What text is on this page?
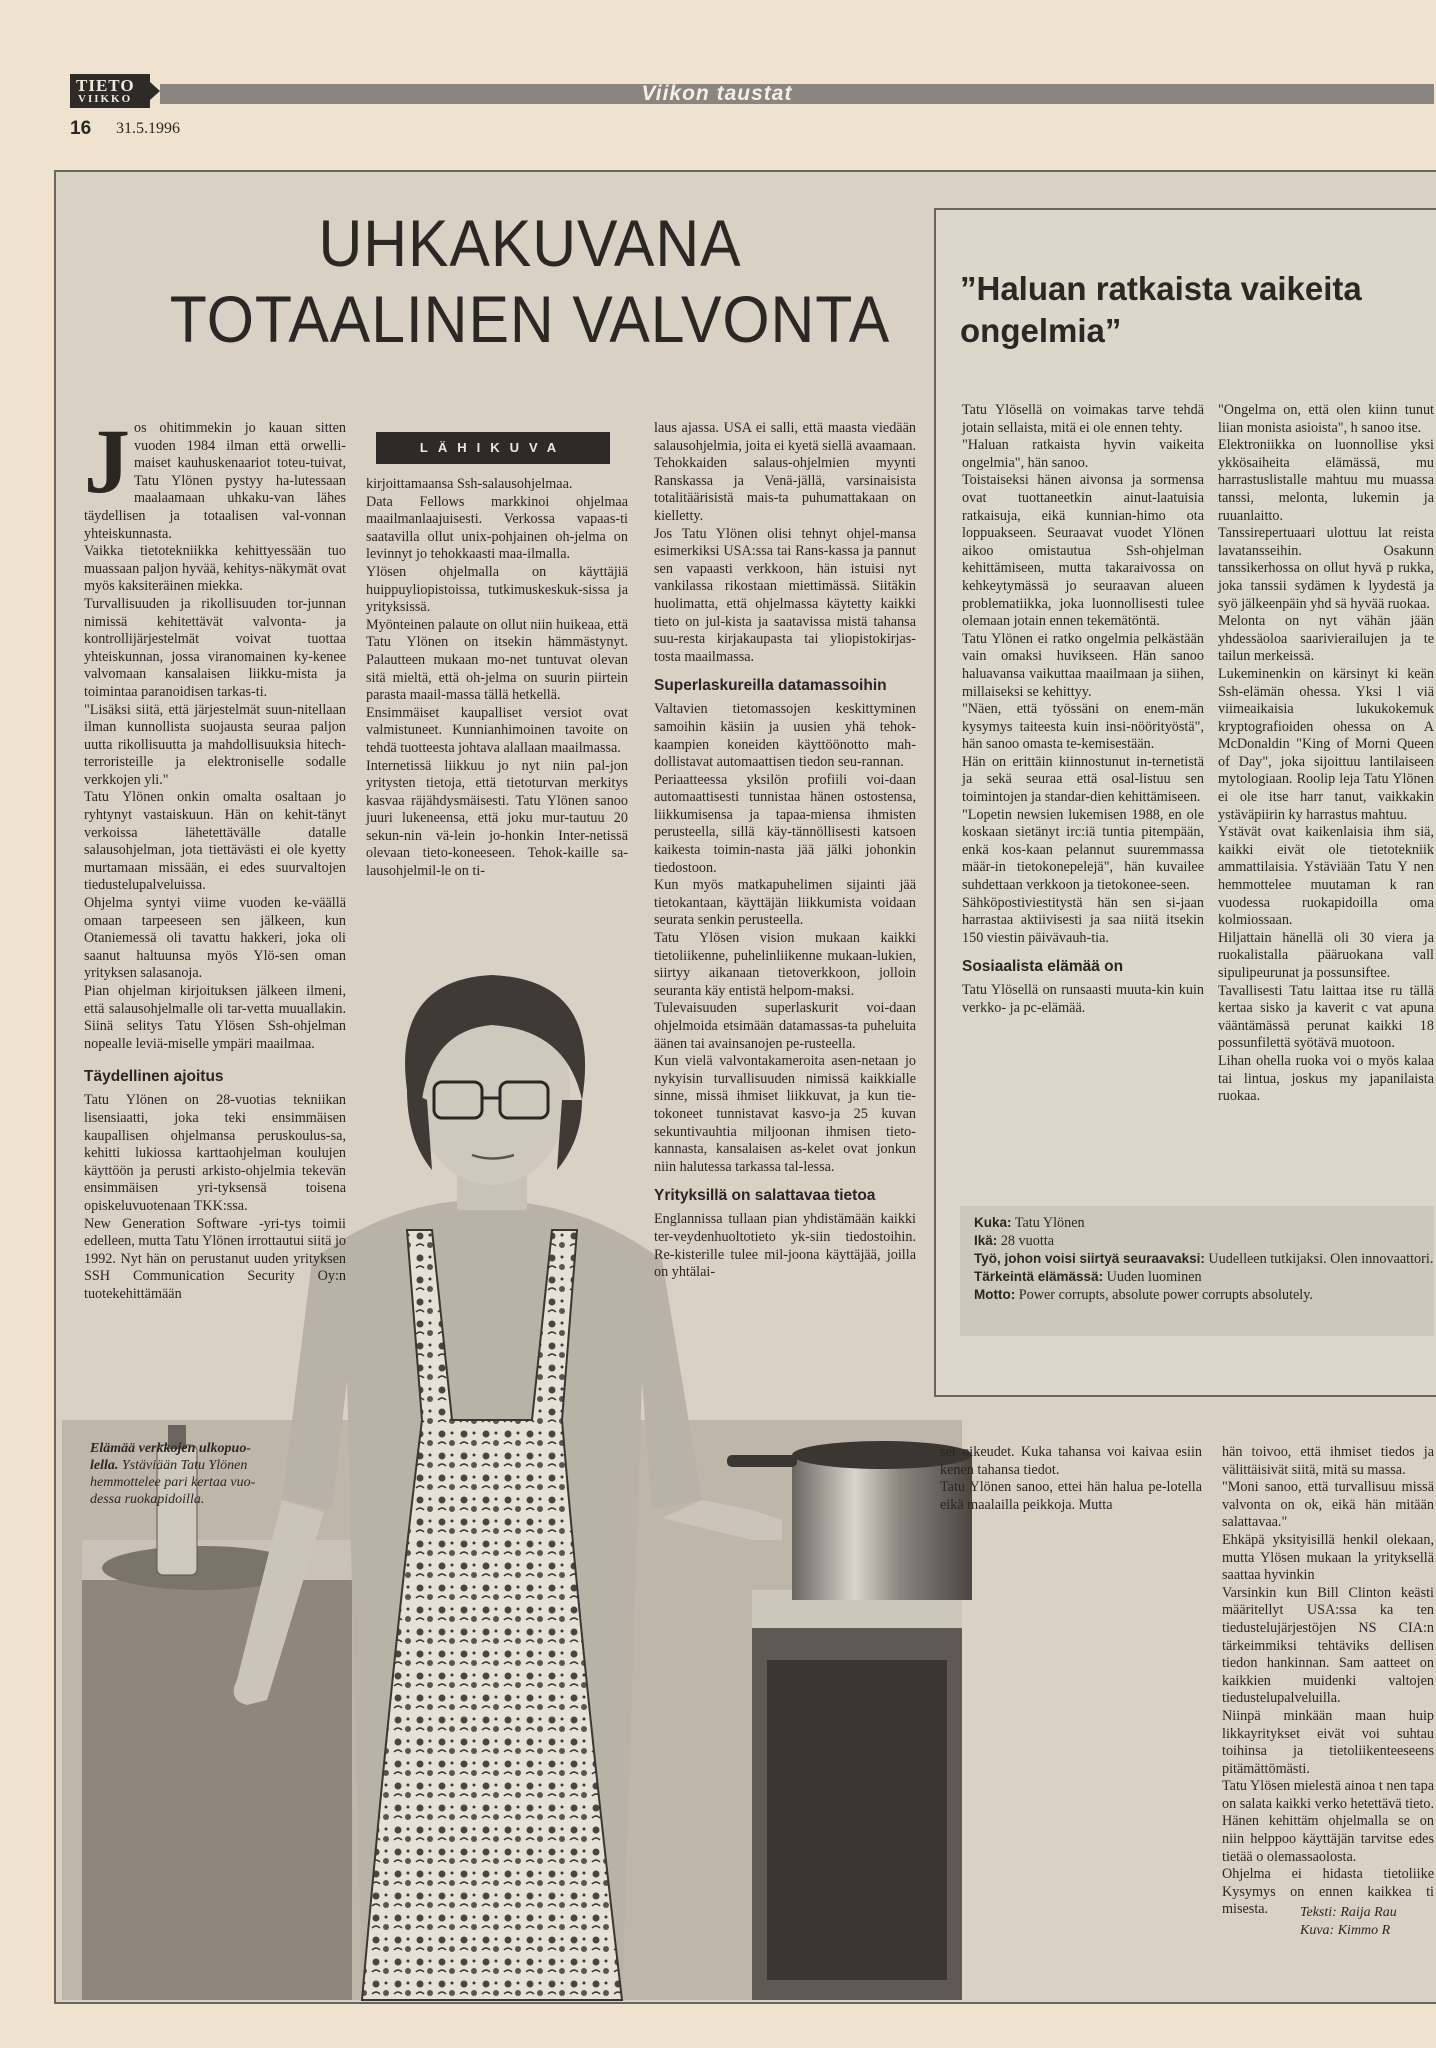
TIETO
VIIKKO	Viikon taustat
16 31.5.1996
UHKAKUVANA
TOTAALINEN VALVONTA	”Haluan ratkaista vaikeita ongelmia”
LÄHIKUVA
J os ohitimmekin jo kauan sitten vuoden 1984 ilman että orwelli-maiset kauhuskenaariot toteu-tuivat, Tatu Ylönen pystyy ha-lutessaan maalaamaan uhkaku-van lähes täydellisen ja totaalisen val-vonnan yhteiskunnasta.

Vaikka tietotekniikka kehittyessään tuo muassaan paljon hyvää, kehitys-näkymät ovat myös kaksiteräinen miekka.

Turvallisuuden ja rikollisuuden tor-junnan nimissä kehitettävät valvonta- ja kontrollijärjestelmät voivat tuottaa yhteiskunnan, jossa viranomainen ky-kenee valvomaan kansalaisen liikku-mista ja toimintaa paranoidisen tarkas-ti.

"Lisäksi siitä, että järjestelmät suun-nitellaan ilman kunnollista suojausta seuraa paljon uutta rikollisuutta ja mahdollisuuksia hitech-terroristeille ja elektroniselle sodalle verkkojen yli."

Tatu Ylönen onkin omalta osaltaan jo ryhtynyt vastaiskuun. Hän on kehit-tänyt verkoissa lähetettävälle datalle salausohjelman, jota tiettävästi ei ole kyetty murtamaan missään, ei edes suurvaltojen tiedustelupalveluissa.

Ohjelma syntyi viime vuoden ke-väällä omaan tarpeeseen sen jälkeen, kun Otaniemessä oli tavattu hakkeri, joka oli saanut haltuunsa myös Ylö-sen oman yrityksen salasanoja.

Pian ohjelman kirjoituksen jälkeen ilmeni, että salausohjelmalle oli tar-vetta muuallakin. Siinä selitys Tatu Ylösen Ssh-ohjelman nopealle leviä-miselle ympäri maailmaa.

Täydellinen ajoitus

Tatu Ylönen on 28-vuotias tekniikan lisensiaatti, joka teki ensimmäisen kaupallisen ohjelmansa peruskoulus-sa, kehitti lukiossa karttaohjelman koulujen käyttöön ja perusti arkisto-ohjelmia tekevän ensimmäisen yri-tyksensä toisena opiskeluvuotenaan TKK:ssa.

New Generation Software -yri-tys toimii edelleen, mutta Tatu Ylönen irrottautui siitä jo 1992. Nyt hän on perustanut uuden yrityksen SSH Communication Security Oy:n tuotekehittämään

Elämää verkkojen ulkopuo-lella. Ystäviään Tatu Ylönen hemmottelee pari kertaa vuo-dessa ruokapidoilla.

kirjoittamaansa Ssh-salausohjelmaa.

Data Fellows markkinoi ohjelmaa maailmanlaajuisesti. Verkossa vapaas-ti saatavilla ollut unix-pohjainen oh-jelma on levinnyt jo tehokkaasti maa-ilmalla.

Ylösen ohjelmalla on käyttäjiä huippuyliopistoissa, tutkimuskeskuk-sissa ja yrityksissä.

Myönteinen palaute on ollut niin huikeaa, että Tatu Ylönen on itsekin hämmästynyt. Palautteen mukaan mo-net tuntuvat olevan sitä mieltä, että oh-jelma on suurin piirtein parasta maail-massa tällä hetkellä.

Ensimmäiset kaupalliset versiot ovat valmistuneet. Kunnianhimoinen tavoite on tehdä tuotteesta johtava alallaan maailmassa.

Internetissä liikkuu jo nyt niin pal-jon yritysten tietoja, että tietoturvan merkitys kasvaa räjähdysmäisesti. Tatu Ylönen sanoo juuri lukeneensa, että joku mur-tautuu 20 sekun-nin vä-lein jo-honkin Inter-netissä olevaan tieto-koneeseen. Tehok-kaille sa-lausohjelmil-le on ti-

laus ajassa. USA ei salli, että maasta viedään salausohjelmia, joita ei kyetä siellä avaamaan. Tehokkaiden salaus-ohjelmien myynti Ranskassa ja Venä-jällä, varsinaisista totalitäärisistä mais-ta puhumattakaan on kielletty.

Jos Tatu Ylönen olisi tehnyt ohjel-mansa esimerkiksi USA:ssa tai Rans-kassa ja pannut sen vapaasti verkkoon, hän istuisi nyt vankilassa rikostaan miettimässä. Siitäkin huolimatta, että ohjelmassa käytetty kaikki tieto on jul-kista ja saatavissa mistä tahansa suu-resta kirjakaupasta tai yliopistokirjas-tosta maailmassa.

Superlaskureilla datamassoihin

Valtavien tietomassojen keskittyminen samoihin käsiin ja uusien yhä tehok-kaampien koneiden käyttöönotto mah-dollistavat automaattisen tiedon seu-rannan.

Periaatteessa yksilön profiili voi-daan automaattisesti tunnistaa hänen ostostensa, liikkumisensa ja tapaa-miensa ihmisten perusteella, sillä käy-tännöllisesti katsoen kaikesta toimin-nasta jää jälki johonkin tiedostoon.

Kun myös matkapuhelimen sijainti jää tietokantaan, käyttäjän liikkumista voidaan seurata senkin perusteella.

Tatu Ylösen vision mukaan kaikki tietoliikenne, puhelinliikenne mukaan-lukien, siirtyy aikanaan tietoverkkoon, jolloin seuranta käy entistä helpom-maksi.

Tulevaisuuden superlaskurit voi-daan ohjelmoida etsimään datamassas-ta puheluita äänen tai avainsanojen pe-rusteella.

Kun vielä valvontakameroita asen-netaan jo nykyisin turvallisuuden nimissä kaikkialle sinne, missä ihmiset liikkuvat, ja kun tie-tokoneet tunnistavat kasvo-ja 25 kuvan sekuntivauhtia miljoonan ihmisen tieto-kannasta, kansalaisen as-kelet ovat jonkun niin halutessa tarkassa tal-lessa.

Yrityksillä on salattavaa tietoa

Englannissa tullaan pian yhdistämään kaikki ter-veydenhuoltotieto yk-siin tiedostoihin. Re-kisterille tulee mil-joona käyttäjää, joilla on yhtälai-

set oikeudet. Kuka tahansa voi kaivaa esiin kenen tahansa tiedot.

Tatu Ylönen sanoo, ettei hän halua pe-lotella eikä maalailla peikkoja. Mutta

hän toivoo, että ihmiset tiedos ja välittäisivät siitä, mitä su massa.

"Moni sanoo, että turvallisuu missä valvonta on ok, eikä hän mitään salattavaa."

Ehkäpä yksityisillä henkil olekaan, mutta Ylösen mukaan la yrityksellä saattaa hyvinkin

Varsinkin kun Bill Clinton keästi määritellyt USA:ssa ka ten tiedustelujärjestöjen NS CIA:n tärkeimmiksi tehtäviks dellisen tiedon hankinnan. Sam aatteet on kaikkien muidenki valtojen tiedustelupalveluilla.

Niinpä minkään maan huip likkayritykset eivät voi suhtau toihinsa ja tietoliikenteeseens pitämättömästi.

Tatu Ylösen mielestä ainoa t nen tapa on salata kaikki verko hetettävä tieto. Hänen kehittäm ohjelmalla se on niin helppoo käyttäjän tarvitse edes tietää o olemassaolosta.

Ohjelma ei hidasta tietoliike Kysymys on ennen kaikkea ti misesta.	Teksti: Raija Rau
Kuva: Kimmo R

Tatu Ylösellä on voimakas tarve tehdä jotain sellaista, mitä ei ole ennen tehty.

"Haluan ratkaista hyvin vaikeita ongelmia", hän sanoo.

Toistaiseksi hänen aivonsa ja sormensa ovat tuottaneetkin ainut-laatuisia ratkaisuja, eikä kunnian-himo ota loppuakseen. Seuraavat vuodet Ylönen aikoo omistautua Ssh-ohjelman kehittämiseen, mutta takaraivossa on kehkeytymässä jo seuraavan alueen problematiikka, joka luonnollisesti tulee olemaan jotain ennen tekemätöntä.

Tatu Ylönen ei ratko ongelmia pelkästään vain omaksi huvikseen. Hän sanoo haluavansa vaikuttaa maailmaan ja siihen, millaiseksi se kehittyy.

"Näen, että työssäni on enem-män kysymys taiteesta kuin insi-nöörityöstä", hän sanoo omasta te-kemisestään.

Hän on erittäin kiinnostunut in-ternetistä ja sekä seuraa että osal-listuu sen toimintojen ja standar-dien kehittämiseen.

"Lopetin newsien lukemisen 1988, en ole koskaan sietänyt irc:iä tuntia pitempään, enkä kos-kaan pelannut suuremmassa määr-in tietokonepelejä", hän kuvailee suhdettaan verkkoon ja tietokonee-seen.

Sähköpostiviestitystä hän sen si-jaan harrastaa aktiivisesti ja saa niitä itsekin 150 viestin päivävauh-tia.

Sosiaalista elämää on

Tatu Ylösellä on runsaasti muuta-kin kuin verkko- ja pc-elämää.

"Ongelma on, että olen kiinn tunut liian monista asioista", h sanoo itse.

Elektroniikka on luonnollise yksi ykkösaiheita elämässä, mu harrastuslistalle mahtuu mu muassa tanssi, melonta, lukemin ja ruuanlaitto.

Tanssirepertuaari ulottuu lat reista lavatansseihin. Osakunn tanssikerhossa on ollut hyvä p rukka, joka tanssii sydämen k lyydestä ja syö jälkeenpäin yhd sä hyvää ruokaa.

Melonta on nyt vähän jään yhdessäoloa saarivierailujen ja te tailun merkeissä.

Lukeminenkin on kärsinyt ki keän Ssh-elämän ohessa. Yksi l viä viimeaikaisia lukukokemuk kryptografioiden ohessa on A McDonaldin "King of Morni Queen of Day", joka sijoittuu lantilaiseen mytologiaan. Roolip leja Tatu Ylönen ei ole itse harr tanut, vaikkakin ystäväpiirin ky harrastus mahtuu.

Ystävät ovat kaikenlaisia ihm siä, kaikki eivät ole tietotekniik ammattilaisia. Ystäviään Tatu Y nen hemmottelee muutaman k ran vuodessa ruokapidoilla oma kolmiossaan.

Hiljattain hänellä oli 30 viera ja ruokalistalla pääruokana vall sipulipeurunat ja possunsiftee.

Tavallisesti Tatu laittaa itse ru tällä kertaa sisko ja kaverit c vat apuna vääntämässä perunat kaikki 18 possunfilettä syötävä muotoon.

Lihan ohella ruoka voi o myös kalaa tai lintua, joskus my japanilaista ruokaa.

Kuka: Tatu Ylönen

Ikä: 28 vuotta

Työ, johon voisi siirtyä seuraavaksi: Uudelleen tutkijaksi. Olen innovaattori.

Tärkeintä elämässä: Uuden luominen

Motto: Power corrupts, absolute power corrupts absolutely.
